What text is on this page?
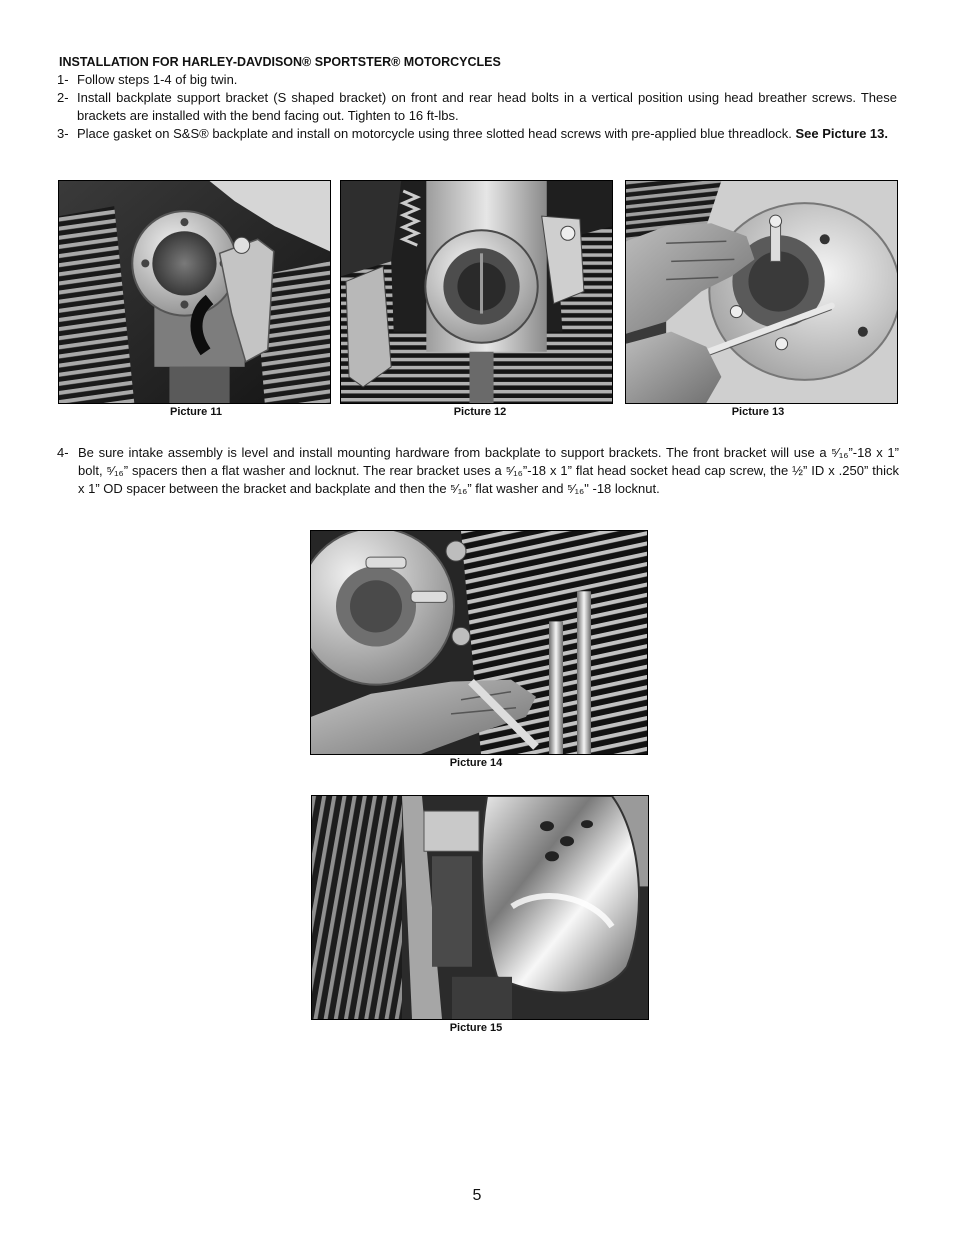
INSTALLATION FOR HARLEY-DAVDISON® SPORTSTER® MOTORCYCLES
1- Follow steps 1-4 of big twin.
2- Install backplate support bracket (S shaped bracket) on front and rear head bolts in a vertical position using head breather screws. These brackets are installed with the bend facing out. Tighten to 16 ft-lbs.
3- Place gasket on S&S® backplate and install on motorcycle using three slotted head screws with pre-applied blue threadlock. See Picture 13.
Picture 11	Picture 12	Picture 13
4- Be sure intake assembly is level and install mounting hardware from backplate to support brackets. The front bracket will use a ⁵⁄₁₆”-18 x 1” bolt, ⁵⁄₁₆” spacers then a flat washer and locknut. The rear bracket uses a ⁵⁄₁₆”-18 x 1” flat head socket head cap screw, the ½” ID x .250” thick x 1” OD spacer between the bracket and backplate and then the ⁵⁄₁₆” flat washer and ⁵⁄₁₆" -18 locknut.
Picture 14
Picture 15
5
